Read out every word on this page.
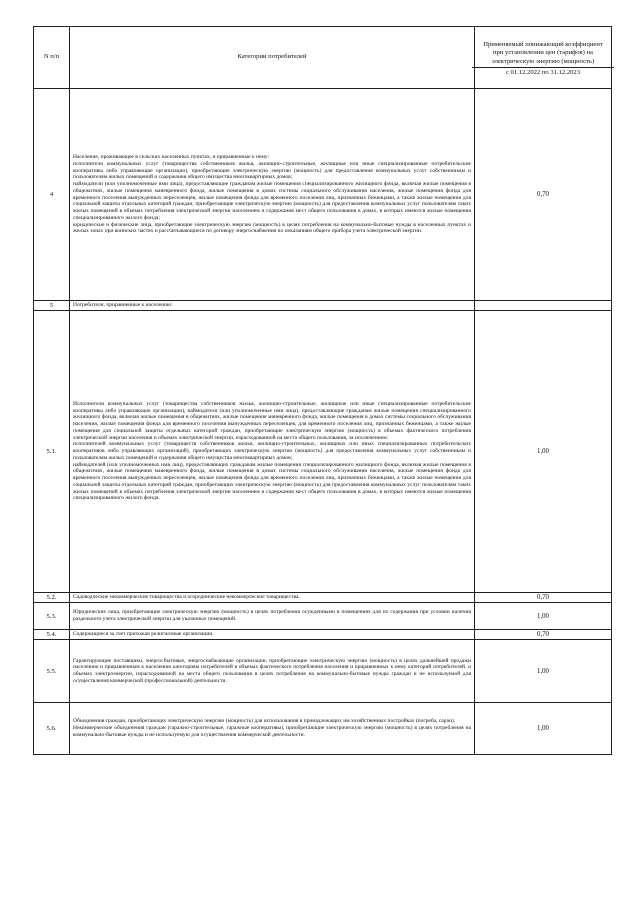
N п/п	Категории потребителей	Применяемый понижающий коэффициент при установлении цен (тарифов) на электрическую энергию (мощность)
с 01.12.2022 по 31.12.2023

4	Население, проживающее в сельских населенных пунктах, и приравненные к нему:

исполнители коммунальных услуг (товарищества собственников жилья, жилищно-строительные, жилищные или иные специализированные потребительские кооперативы либо управляющие организации), приобретающие электрическую энергию (мощность) для предоставления коммунальных услуг собственникам и пользователям жилых помещений и содержания общего имущества многоквартирных домов;

наймодатели (или уполномоченные ими лица), предоставляющие гражданам жилые помещения специализированного жилищного фонда, включая жилые помещения в общежитиях, жилые помещения маневренного фонда, жилые помещения в домах системы социального обслуживания населения, жилые помещения фонда для временного поселения вынужденных переселенцев, жилые помещения фонда для временного поселения лиц, признанных беженцами, а также жилые помещения для социальной защиты отдельных категорий граждан, приобретающие электрическую энергию (мощность) для предоставления коммунальных услуг пользователям таких жилых помещений в объемах потребления электрической энергии населением и содержания мест общего пользования в домах, в которых имеются жилые помещения специализированного жилого фонда;

юридические и физические лица, приобретающие электрическую энергию (мощность) в целях потребления на коммунально-бытовые нужды в населенных пунктах и жилых зонах при воинских частях и рассчитывающиеся по договору энергоснабжения по показаниям общего прибора учета электрической энергии.	0,70
5	Потребители, приравненные к населению:	

5.1.	Исполнители коммунальных услуг (товарищества собственников жилья, жилищно-строительные, жилищные или иные специализированные потребительские кооперативы либо управляющие организации), наймодатели (или уполномоченные ими лица), предоставляющие гражданам жилые помещения специализированного жилищного фонда, включая жилые помещения в общежитиях, жилые помещения маневренного фонда, жилые помещения в домах системы социального обслуживания населения, жилые помещения фонда для временного поселения вынужденных переселенцев, для временного поселения лиц, признанных беженцами, а также жилые помещения для социальной защиты отдельных категорий граждан, приобретающие электрическую энергию (мощность) в объемах фактического потребления электрической энергии населения и объемах электрической энергии, израсходованной на места общего пользования, за исключением:

исполнителей коммунальных услуг (товариществ собственников жилья, жилищно-строительных, жилищных или иных специализированных потребительских кооперативов либо управляющих организаций), приобретающих электрическую энергию (мощность) для предоставления коммунальных услуг собственникам и пользователям жилых помещений и содержания общего имущества многоквартирных домов;

наймодателей (или уполномоченных ими лиц), предоставляющих гражданам жилые помещения специализированного жилищного фонда, включая жилые помещения в общежитиях, жилые помещения маневренного фонда, жилые помещения в домах системы социального обслуживания населения, жилые помещения фонда для временного поселения вынужденных переселенцев, жилые помещения фонда для временного поселения лиц, признанных беженцами, а также жилые помещения для социальной защиты отдельных категорий граждан, приобретающих электрическую энергию (мощность) для предоставления коммунальных услуг пользователям таких жилых помещений в объемах потребления электрической энергии населением и содержания мест общего пользования в домах, в которых имеются жилые помещения специализированного жилого фонда.	1,00
5.2.	Садоводческие некоммерческие товарищества и огороднические некоммерческие товарищества.	0,70
5.3.	Юридические лица, приобретающие электрическую энергию (мощность) в целях потребления осужденными в помещениях для их содержания при условии наличия раздельного учета электрической энергии для указанных помещений.	1,00
5.4.	Содержащиеся за счет прихожан религиозные организации.	0,70
5.5.	Гарантирующие поставщики, энергосбытовые, энергоснабжающие организации, приобретающие электрическую энергию (мощность) в целях дальнейшей продажи населению и приравненным к населению категориям потребителей в объемах фактического потребления населения и приравненных к нему категорий потребителей, и объемах электроэнергии, израсходованной на места общего пользования в целях потребления на коммунально-бытовые нужды граждан и не используемой для осуществления коммерческой (профессиональной) деятельности.	1,00
5.6.	Объединения граждан, приобретающих электрическую энергию (мощность) для использования в принадлежащих им хозяйственных постройках (погреба, сараи).

Некоммерческие объединения граждан (гаражно-строительные, гаражные кооперативы), приобретающие электрическую энергию (мощность) в целях потребления на коммунально-бытовые нужды и не используемую для осуществления коммерческой деятельности.	1,00
